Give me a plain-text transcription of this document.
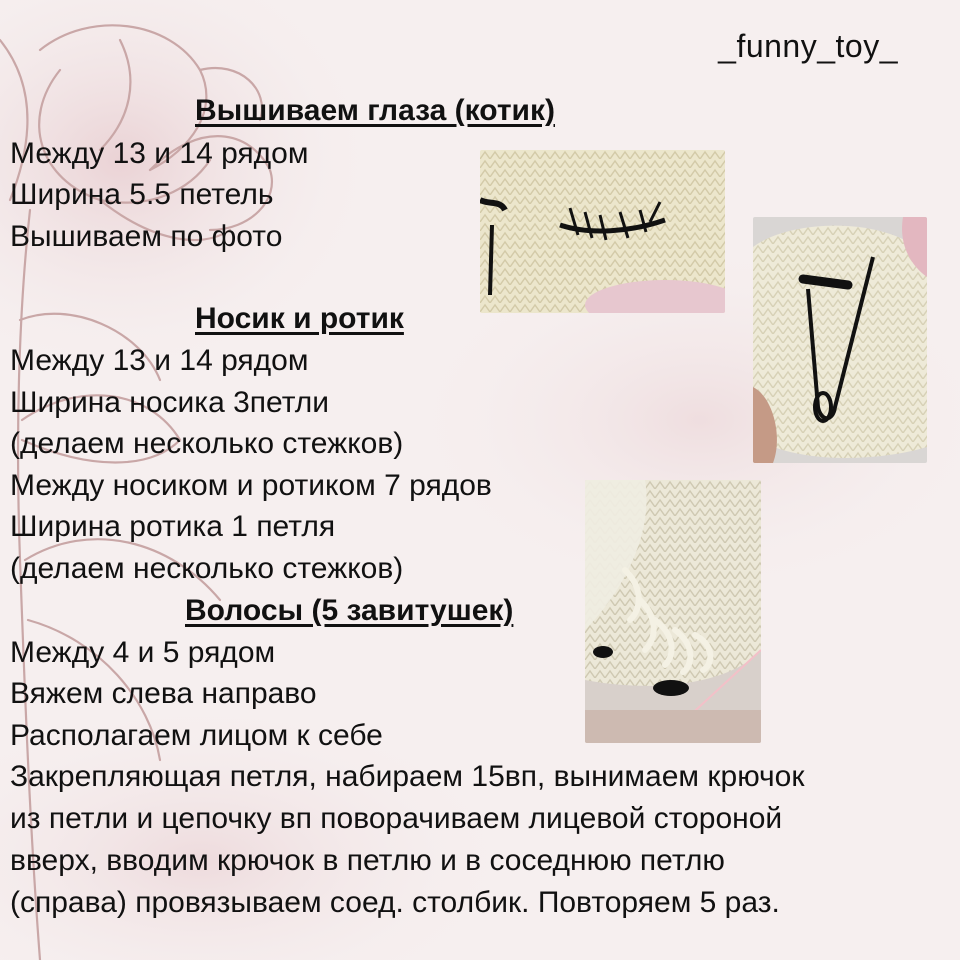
_funny_toy_
Вышиваем глаза (котик)
Между 13 и 14 рядом
Ширина 5.5 петель
Вышиваем по фото
Носик и ротик
Между 13 и 14 рядом
Ширина носика 3петли
(делаем несколько стежков)
Между носиком и ротиком 7 рядов
Ширина ротика 1 петля
(делаем несколько стежков)
Волосы (5 завитушек)
Между 4 и 5 рядом
Вяжем слева направо
Располагаем лицом к себе
Закрепляющая петля, набираем 15вп, вынимаем крючок
из петли и цепочку вп поворачиваем лицевой стороной
вверх, вводим крючок в петлю и в соседнюю петлю
(справа) провязываем соед. столбик. Повторяем 5 раз.
